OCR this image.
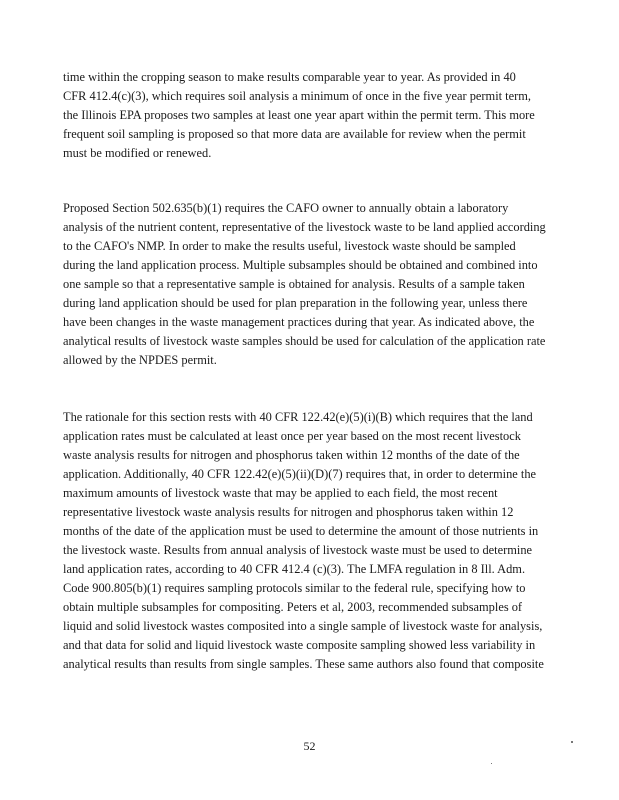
time within the cropping season to make results comparable year to year. As provided in 40
CFR 412.4(c)(3), which requires soil analysis a minimum of once in the five year permit term,
the Illinois EPA proposes two samples at least one year apart within the permit term. This more
frequent soil sampling is proposed so that more data are available for review when the permit
must be modified or renewed.
Proposed Section 502.635(b)(1) requires the CAFO owner to annually obtain a laboratory
analysis of the nutrient content, representative of the livestock waste to be land applied according
to the CAFO's NMP. In order to make the results useful, livestock waste should be sampled
during the land application process. Multiple subsamples should be obtained and combined into
one sample so that a representative sample is obtained for analysis. Results of a sample taken
during land application should be used for plan preparation in the following year, unless there
have been changes in the waste management practices during that year. As indicated above, the
analytical results of livestock waste samples should be used for calculation of the application rate
allowed by the NPDES permit.
The rationale for this section rests with 40 CFR 122.42(e)(5)(i)(B) which requires that the land
application rates must be calculated at least once per year based on the most recent livestock
waste analysis results for nitrogen and phosphorus taken within 12 months of the date of the
application. Additionally, 40 CFR 122.42(e)(5)(ii)(D)(7) requires that, in order to determine the
maximum amounts of livestock waste that may be applied to each field, the most recent
representative livestock waste analysis results for nitrogen and phosphorus taken within 12
months of the date of the application must be used to determine the amount of those nutrients in
the livestock waste. Results from annual analysis of livestock waste must be used to determine
land application rates, according to 40 CFR 412.4 (c)(3). The LMFA regulation in 8 Ill. Adm.
Code 900.805(b)(1) requires sampling protocols similar to the federal rule, specifying how to
obtain multiple subsamples for compositing. Peters et al, 2003, recommended subsamples of
liquid and solid livestock wastes composited into a single sample of livestock waste for analysis,
and that data for solid and liquid livestock waste composite sampling showed less variability in
analytical results than results from single samples. These same authors also found that composite
52
